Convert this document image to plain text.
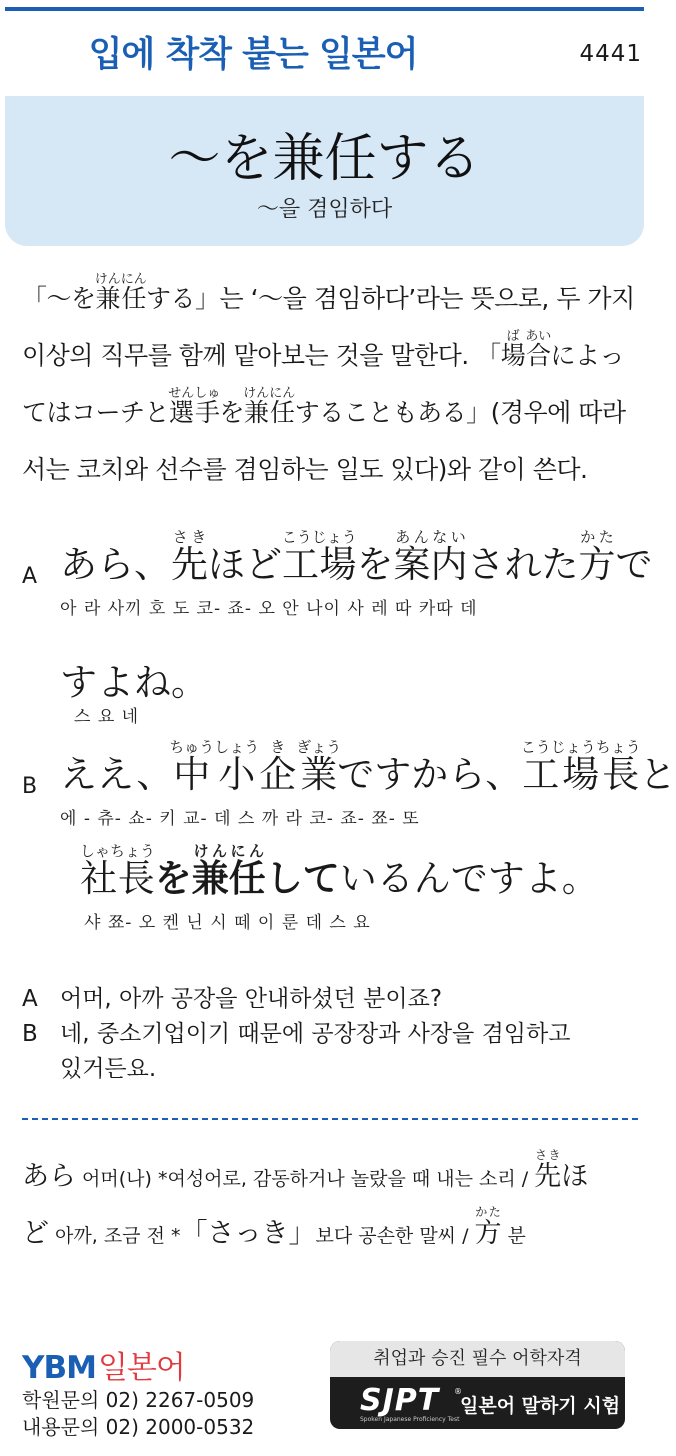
입에 착착 붙는 일본어	4441
～を兼任する
～을 겸임하다
「～を兼任けんにんする」는 ‘～을 겸임하다’라는 뜻으로, 두 가지
이상의 직무를 함께 맡아보는 것을 말한다. 「場ば合あいによっ
てはコーチと選手せんしゅを兼任けんにんすることもある」(경우에 따라
서는 코치와 선수를 겸임하는 일도 있다)와 같이 쓴다.
A あら、先さきほど工場こうじょうを案内あんないされた方かたで
아 라 사끼 호 도 코- 죠- 오 안 나이 사 레 따 카따 데
すよね。
스 요 네
B ええ、中小ちゅうしょう企き業ぎょうですから、工場長こうじょうちょうと
에 - 츄- 쇼- 키 교- 데 스 까 라 코- 죠- 쬬- 또
社長しゃちょうを兼任けんにんしているんですよ。
샤 쬬- 오 켄 닌 시 떼 이 룬 데 스 요
A 어머, 아까 공장을 안내하셨던 분이죠?
B 네, 중소기업이기 때문에 공장장과 사장을 겸임하고
있거든요.
あら 어머(나) *여성어로, 감동하거나 놀랐을 때 내는 소리 / 先さきほ
ど 아까, 조금 전 *「さっき」보다 공손한 말씨 / 方かた 분
YBM일본어
학원문의 02) 2267-0509
내용문의 02) 2000-0532
취업과 승진 필수 어학자격
SJPT ®
Spoken Japanese Proficiency Test
일본어 말하기 시험
